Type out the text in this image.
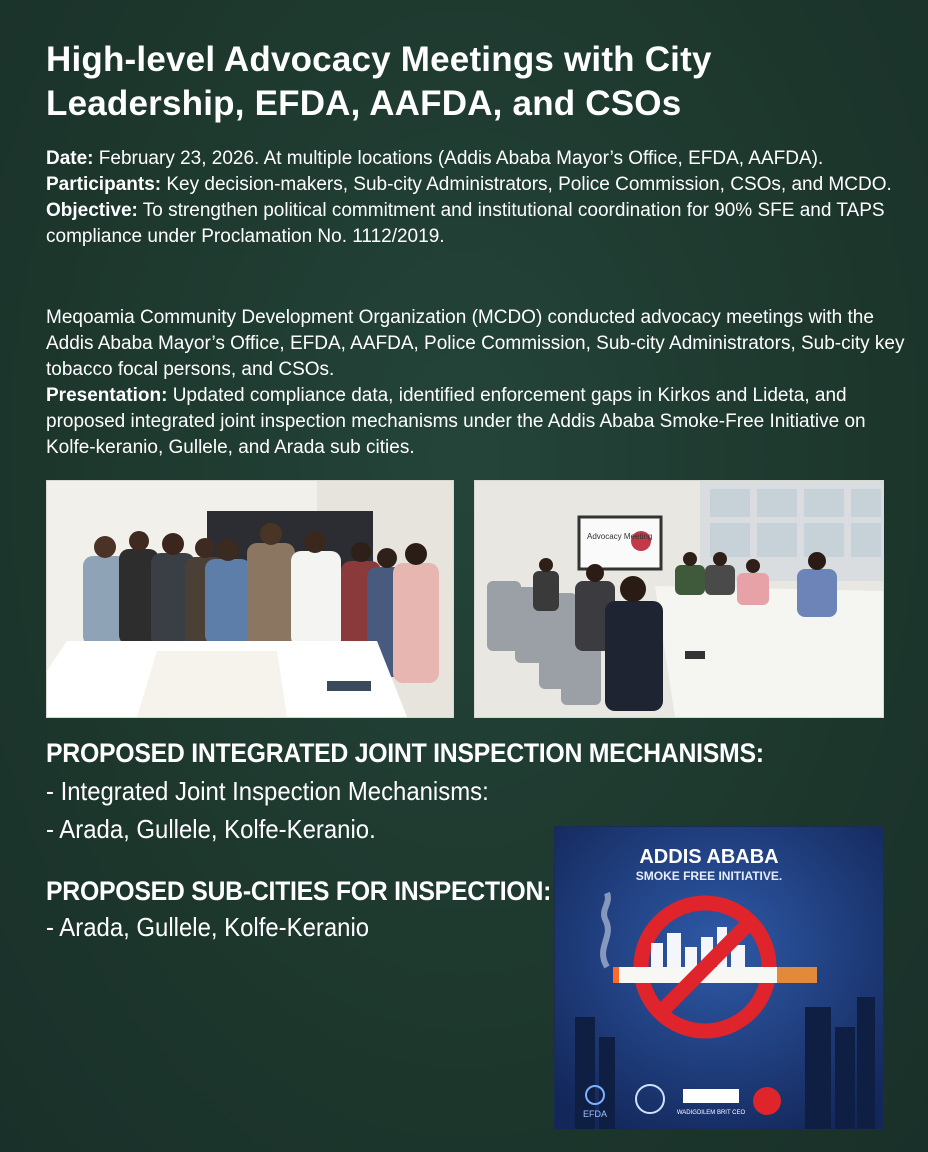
High-level Advocacy Meetings with City Leadership, EFDA, AAFDA, and CSOs

Date: February 23, 2026. At multiple locations (Addis Ababa Mayor’s Office, EFDA, AAFDA).

Participants: Key decision-makers, Sub-city Administrators, Police Commission, CSOs, and MCDO.

Objective: To strengthen political commitment and institutional coordination for 90% SFE and TAPS compliance under Proclamation No. 1112/2019.

Meqoamia Community Development Organization (MCDO) conducted advocacy meetings with the Addis Ababa Mayor’s Office, EFDA, AAFDA, Police Commission, Sub-city Administrators, Sub-city key tobacco focal persons, and CSOs.

Presentation: Updated compliance data, identified enforcement gaps in Kirkos and Lideta, and proposed integrated joint inspection mechanisms under the Addis Ababa Smoke-Free Initiative on Kolfe-keranio, Gullele, and Arada sub cities.

Advocacy Meeting
PROPOSED INTEGRATED JOINT INSPECTION MECHANISMS:
- Integrated Joint Inspection Mechanisms:
- Arada, Gullele, Kolfe-Keranio.
PROPOSED SUB-CITIES FOR INSPECTION:
- Arada, Gullele, Kolfe-Keranio
ADDIS ABABA
SMOKE FREE INITIATIVE.
EFDA	WADIGDILEM BRIT CEO
